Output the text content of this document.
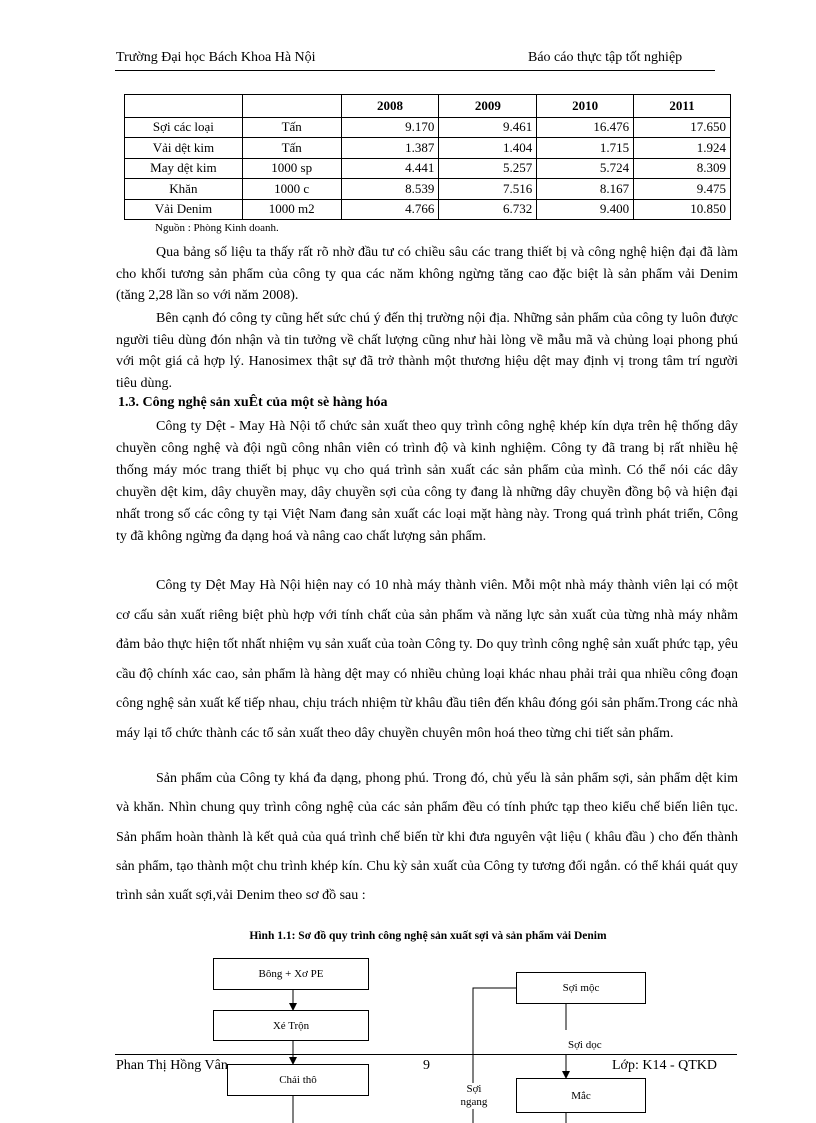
Trường Đại học Bách Khoa Hà Nội	Báo cáo thực tập tốt nghiệp
		2008	2009	2010	2011
Sợi các loại	Tấn	9.170	9.461	16.476	17.650
Vải dệt kim	Tấn	1.387	1.404	1.715	1.924
May dệt kim	1000 sp	4.441	5.257	5.724	8.309
Khăn	1000 c	8.539	7.516	8.167	9.475
Vải Denim	1000 m2	4.766	6.732	9.400	10.850
Nguồn : Phòng Kinh doanh.

Qua bảng số liệu ta thấy rất rõ nhờ đầu tư có chiều sâu các trang thiết bị và công nghệ hiện đại đã làm cho khối tương sản phẩm của công ty qua các năm không ngừng tăng cao đặc biệt là sản phẩm vải Denim (tăng 2,28 lần so với năm 2008).

Bên cạnh đó công ty cũng hết sức chú ý đến thị trường nội địa. Những sản phẩm của công ty luôn được người tiêu dùng đón nhận và tin tưởng về chất lượng cũng như hài lòng về mẫu mã và chủng loại phong phú với một giá cả hợp lý. Hanosimex thật sự đã trở thành một thương hiệu dệt may định vị trong tâm trí người tiêu dùng.

1.3. Công nghệ sản xuÊt của một sè hàng hóa

Công ty Dệt - May Hà Nội tổ chức sản xuất theo quy trình công nghệ khép kín dựa trên hệ thống dây chuyền công nghệ và đội ngũ công nhân viên có trình độ và kinh nghiệm. Công ty đã trang bị rất nhiều hệ thống máy móc trang thiết bị phục vụ cho quá trình sản xuất các sản phẩm của mình. Có thể nói các dây chuyền dệt kim, dây chuyền may, dây chuyền sợi của công ty đang là những dây chuyền đồng bộ và hiện đại nhất trong số các công ty tại Việt Nam đang sản xuất các loại mặt hàng này. Trong quá trình phát triển, Công ty đã không ngừng đa dạng hoá và nâng cao chất lượng sản phẩm.

Công ty Dệt May Hà Nội hiện nay có 10 nhà máy thành viên. Mỗi một nhà máy thành viên lại có một cơ cấu sản xuất riêng biệt phù hợp với tính chất của sản phẩm và năng lực sản xuất của từng nhà máy nhằm đảm bảo thực hiện tốt nhất nhiệm vụ sản xuất của toàn Công ty. Do quy trình công nghệ sản xuất phức tạp, yêu cầu độ chính xác cao, sản phẩm là hàng dệt may có nhiều chủng loại khác nhau phải trải qua nhiều công đoạn công nghệ sản xuất kế tiếp nhau, chịu trách nhiệm từ khâu đầu tiên đến khâu đóng gói sản phẩm.Trong các nhà máy lại tổ chức thành các tổ sản xuất theo dây chuyền chuyên môn hoá theo từng chi tiết sản phẩm.

Sản phẩm của Công ty khá đa dạng, phong phú. Trong đó, chủ yếu là sản phẩm sợi, sản phẩm dệt kim và khăn. Nhìn chung quy trình công nghệ của các sản phẩm đều có tính phức tạp theo kiểu chế biến liên tục. Sản phẩm hoàn thành là kết quả của quá trình chế biến từ khi đưa nguyên vật liệu ( khâu đầu ) cho đến thành sản phẩm, tạo thành một chu trình khép kín. Chu kỳ sản xuất của Công ty tương đối ngắn. có thể khái quát quy trình sản xuất sợi,vải Denim theo sơ đồ sau :

Hình 1.1: Sơ đồ quy trình công nghệ sản xuất sợi và sản phẩm vải Denim
Bông + Xơ PE
Xé Trộn
Chải thô
Sợi mộc
Mắc
Sợi dọc
Sợi
ngang
Phan Thị Hồng Vân	9	Lớp: K14 - QTKD
